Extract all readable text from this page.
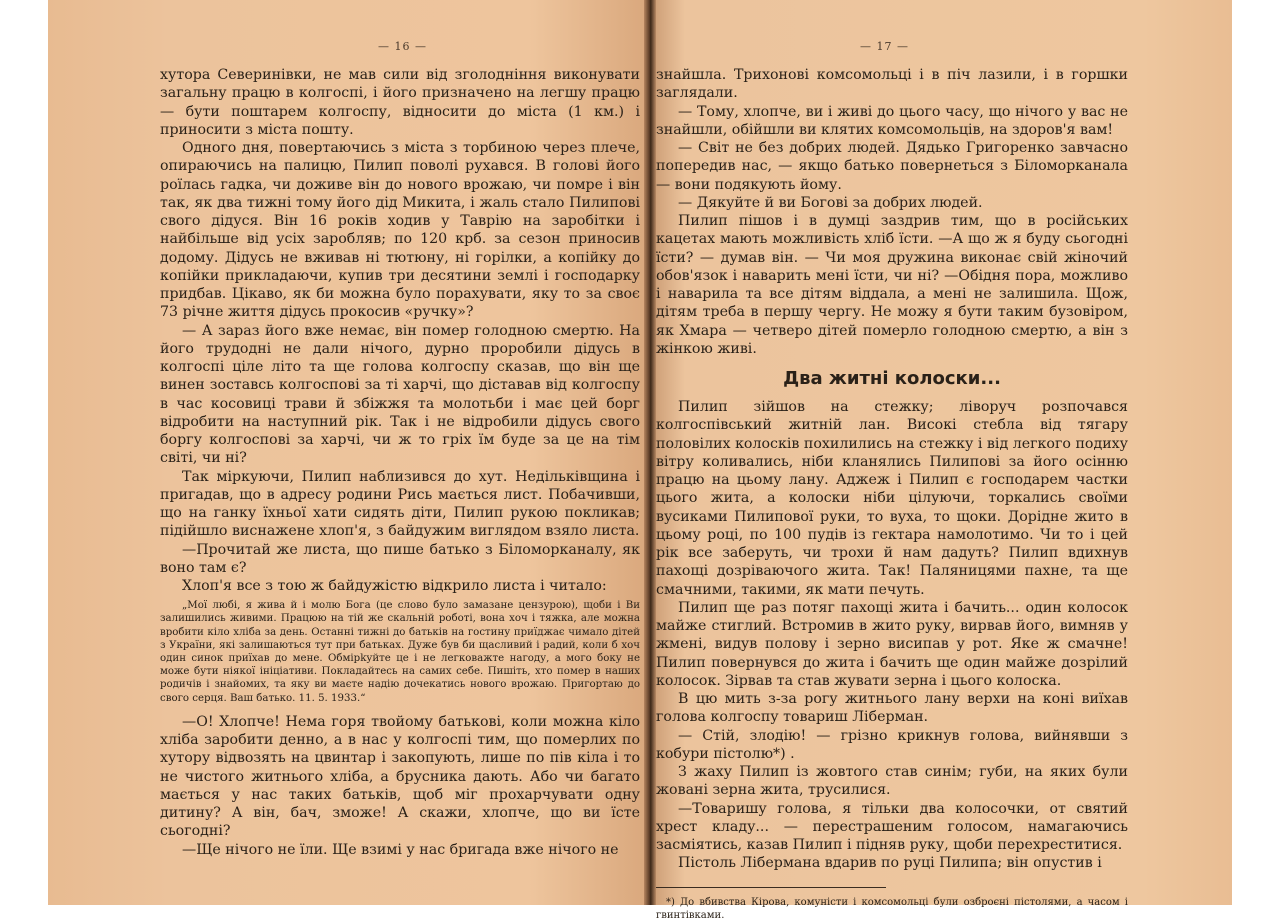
— 16 —

хутора Северинівки, не мав сили від зголодніння виконувати загальну працю в колгоспі, і його призначено на легшу працю — бути поштарем колгоспу, відносити до міста (1 км.) і приносити з міста пошту.

Одного дня, повертаючись з міста з торбиною через плече, опираючись на палицю, Пилип поволі рухався. В голові його роїлась гадка, чи доживе він до нового врожаю, чи помре і він так, як два тижні тому його дід Микита, і жаль стало Пилипові свого дідуся. Він 16 років ходив у Таврію на заробітки і найбільше від усіх заробляв; по 120 крб. за сезон приносив додому. Дідусь не вживав ні тютюну, ні горілки, а копійку до копійки прикладаючи, купив три десятини землі і господарку придбав. Цікаво, як би можна було порахувати, яку то за своє 73 річне життя дідусь прокосив «ручку»?

— А зараз його вже немає, він помер голодною смертю. На його трудодні не дали нічого, дурно проробили дідусь в колгоспі ціле літо та ще голова колгоспу сказав, що він ще винен зоставсь колгоспові за ті харчі, що діставав від колгоспу в час косовиці трави й збіжжя та молотьби і має цей борг відробити на наступний рік. Так і не відробили дідусь свого боргу колгоспові за харчі, чи ж то гріх їм буде за це на тім світі, чи ні?

Так міркуючи, Пилип наблизився до хут. Недільківщина і пригадав, що в адресу родини Рись мається лист. Побачивши, що на ганку їхньої хати сидять діти, Пилип рукою покликав; підійшло виснажене хлоп'я, з байдужим виглядом взяло листа.

—Прочитай же листа, що пише батько з Біломорканалу, як воно там є?

Хлоп'я все з тою ж байдужістю відкрило листа і читало:

„Мої любі, я жива й і молю Бога (це слово було замазане цензурою), щоби і Ви залишились живими. Працюю на тій же скальній роботі, вона хоч і тяжка, але можна вробити кіло хліба за день. Останні тижні до батьків на гостину приїджає чимало дітей з України, які залишаються тут при батьках. Дуже був би щасливий і радий, коли б хоч один синок приїхав до мене. Обмірkуйте це і не легковажте нагоду, а мого боку не може бути ніякої ініціативи. Покладайтесь на самих себе. Пишіть, хто помер в наших родичів і знайомих, та яку ви маєте надію дочекатись нового врожаю. Пригортаю до свого серця. Ваш батько. 11. 5. 1933.“

—О! Хлопче! Нема горя твойому батькові, коли можна кіло хліба заробити денно, а в нас у колгоспі тим, що померлих по хутору відвозять на цвинтар і закопують, лише по пів кіла і то не чистого житнього хліба, а брусника дають. Або чи багато мається у нас таких батьків, щоб міг прохарчувати одну дитину? А він, бач, зможе! А скажи, хлопче, що ви їсте сьогодні?

—Ще нічого не їли. Ще взимі у нас бригада вже нічого не

— 17 —

знайшла. Трихонові комсомольці і в піч лазили, і в горшки заглядали.

— Тому, хлопче, ви і живі до цього часу, що нічого у вас не знайшли, обійшли ви клятих комсомольців, на здоров'я вам!

— Світ не без добрих людей. Дядько Григоренко завчасно попередив нас, — якщо батько повернеться з Біломорканала — вони подякують йому.

— Дякуйте й ви Богові за добрих людей.

Пилип пішов і в думці заздрив тим, що в російських кацетах мають можливість хліб їсти. —А що ж я буду сьогодні їсти? — думав він. — Чи моя дружина виконає свій жіночий обов'язок і наварить мені їсти, чи ні? —Обідня пора, можливо і наварила та все дітям віддала, а мені не залишила. Щож, дітям треба в першу чергу. Не можу я бути таким бузовіром, як Хмара — четверо дітей померло голодною смертю, а він з жінкою живі.

Два житні колоски...

Пилип зійшов на стежку; ліворуч розпочався колгоспівський житній лан. Високі стебла від тягару половілих колосків похилились на стежку і від легкого подиху вітру коливались, ніби кланялись Пилипові за його осінню працю на цьому лану. Аджеж і Пилип є господарем частки цього жита, а колоски ніби цілуючи, торкались своїми вусиками Пилипової руки, то вуха, то щоки. Дорідне жито в цьому році, по 100 пудів із гектара намолотимо. Чи то і цей рік все заберуть, чи трохи й нам дадуть? Пилип вдихнув пахощі дозріваючого жита. Так! Паляницями пахне, та ще смачними, такими, як мати печуть.

Пилип ще раз потяг пахощі жита і бачить... один колосок майже стиглий. Встромив в жито руку, вирвав його, вимняв у жмені, видув полову і зерно висипав у рот. Яке ж смачне! Пилип повернувся до жита і бачить ще один майже дозрілий колосок. Зірвав та став жувати зерна і цього колоска.

В цю мить з-за рогу житнього лану верхи на коні виїхав голова колгоспу товариш Ліберман.

— Стій, злодію! — грізно крикнув голова, вийнявши з кобури пістолю*) .

З жаху Пилип із жовтого став синім; губи, на яких були жовані зерна жита, трусилися.

—Товаришу голова, я тільки два колосочки, от святий хрест кладу... — перестрашеним голосом, намагаючись засміятись, казав Пилип і підняв руку, щоби перехреститися.

Пістоль Лібермана вдарив по руці Пилипа; він опустив і

*) До вбивства Кірова, комуністи і комсомольці були озброєні пістолями, а часом і гвинтівками.
